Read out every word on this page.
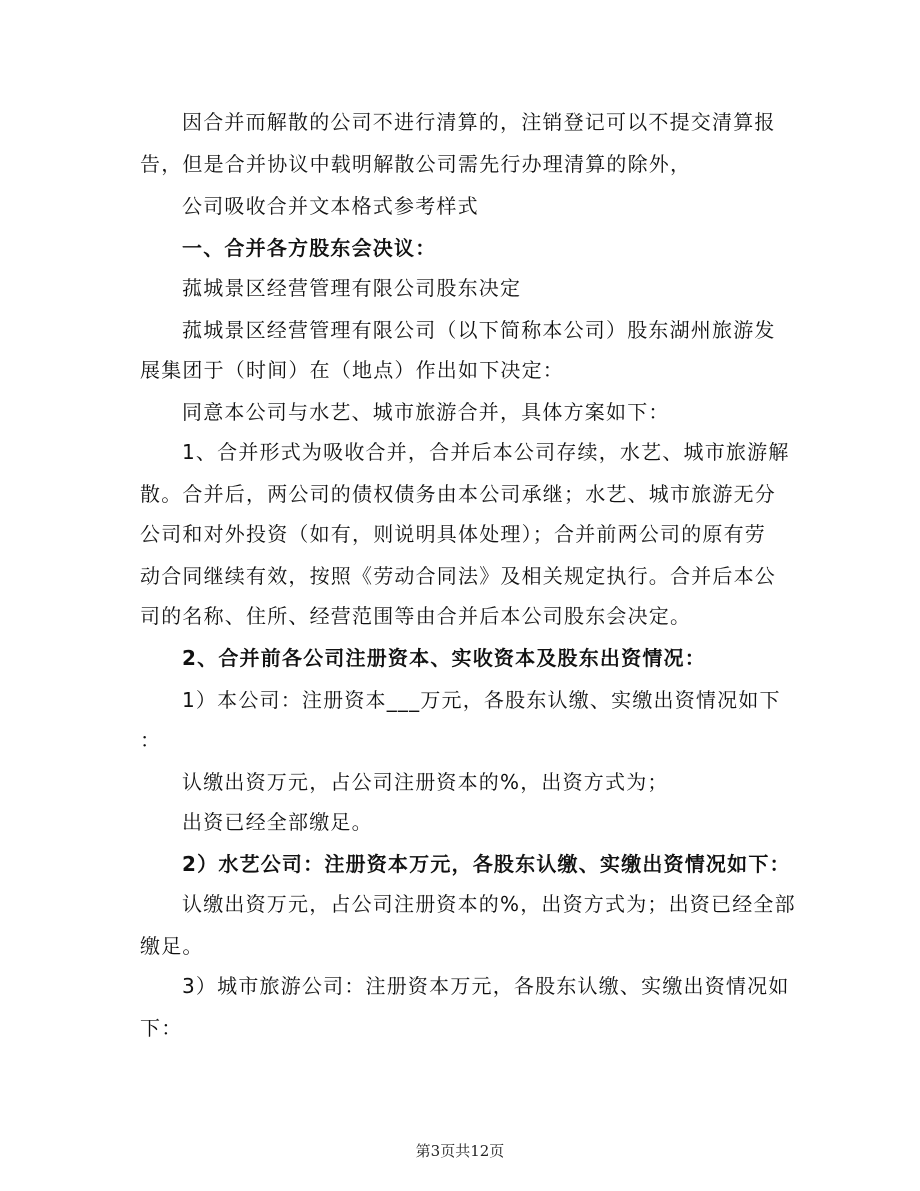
因合并而解散的公司不进行清算的，注销登记可以不提交清算报
告，但是合并协议中载明解散公司需先行办理清算的除外，
公司吸收合并文本格式参考样式
一、合并各方股东会决议：
菰城景区经营管理有限公司股东决定
菰城景区经营管理有限公司（以下简称本公司）股东湖州旅游发
展集团于（时间）在（地点）作出如下决定：
同意本公司与水艺、城市旅游合并，具体方案如下：
1、合并形式为吸收合并，合并后本公司存续，水艺、城市旅游解
散。合并后，两公司的债权债务由本公司承继；水艺、城市旅游无分
公司和对外投资（如有，则说明具体处理）；合并前两公司的原有劳
动合同继续有效，按照《劳动合同法》及相关规定执行。合并后本公
司的名称、住所、经营范围等由合并后本公司股东会决定。
2、合并前各公司注册资本、实收资本及股东出资情况：
1）本公司：注册资本___万元，各股东认缴、实缴出资情况如下
：
认缴出资万元，占公司注册资本的%，出资方式为；
出资已经全部缴足。
2）水艺公司：注册资本万元，各股东认缴、实缴出资情况如下：
认缴出资万元，占公司注册资本的%，出资方式为；出资已经全部
缴足。
3）城市旅游公司：注册资本万元，各股东认缴、实缴出资情况如
下：
第3页共12页
